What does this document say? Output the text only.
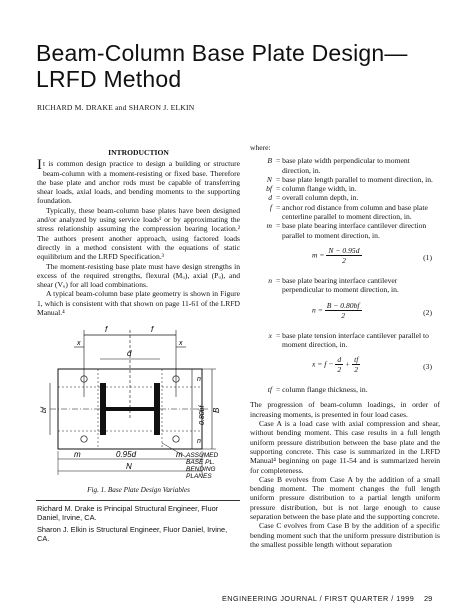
Beam-Column Base Plate Design—
LRFD Method
RICHARD M. DRAKE and SHARON J. ELKIN
INTRODUCTION

It is common design practice to design a building or structure beam-column with a moment-resisting or fixed base. Therefore the base plate and anchor rods must be capable of transferring shear loads, axial loads, and bending moments to the supporting foundation.

Typically, these beam-column base plates have been designed and/or analyzed by using service loads¹ or by approximating the stress relationship assuming the compression bearing location.² The authors present another approach, using factored loads directly in a method consistent with the equations of static equilibrium and the LRFD Specification.³

The moment-resisting base plate must have design strengths in excess of the required strengths, flexural (Mᵤ), axial (Pᵤ), and shear (Vᵤ) for all load combinations.

A typical beam-column base plate geometry is shown in Figure 1, which is consistent with that shown on page 11-61 of the LRFD Manual.⁴

f	f
x	x
d
bf
n
n
0.80bf B
m	0.95d	m
N
ASSUMED
BASE PL.
BENDING
PLANES
Fig. 1. Base Plate Design Variables
Richard M. Drake is Principal Structural Engineer, Fluor Daniel, Irvine, CA.
Sharon J. Elkin is Structural Engineer, Fluor Daniel, Irvine, CA.
where:
B = base plate width perpendicular to moment direction, in.
N = base plate length parallel to moment direction, in.
bf = column flange width, in.
d = overall column depth, in.
f = anchor rod distance from column and base plate centerline parallel to moment direction, in.
m = base plate bearing interface cantilever direction parallel to moment direction, in.
$m = \frac{N - 0.95d}{2}$	(1)
n = base plate bearing interface cantilever perpendicular to moment direction, in.
$n = \frac{B - 0.80bf}{2}$	(2)
x = base plate tension interface cantilever parallel to moment direction, in.
$x = f - \frac{d}{2} + \frac{tf}{2}$	(3)
tf = column flange thickness, in.

The progression of beam-column loadings, in order of increasing moments, is presented in four load cases.

Case A is a load case with axial compression and shear, without bending moment. This case results in a full length uniform pressure distribution between the base plate and the supporting concrete. This case is summarized in the LRFD Manual⁴ beginning on page 11-54 and is summarized herein for completeness.

Case B evolves from Case A by the addition of a small bending moment. The moment changes the full length uniform pressure distribution to a partial length uniform pressure distribution, but is not large enough to cause separation between the base plate and the supporting concrete.

Case C evolves from Case B by the addition of a specific bending moment such that the uniform pressure distribution is the smallest possible length without separation

ENGINEERING JOURNAL / FIRST QUARTER / 1999 29
